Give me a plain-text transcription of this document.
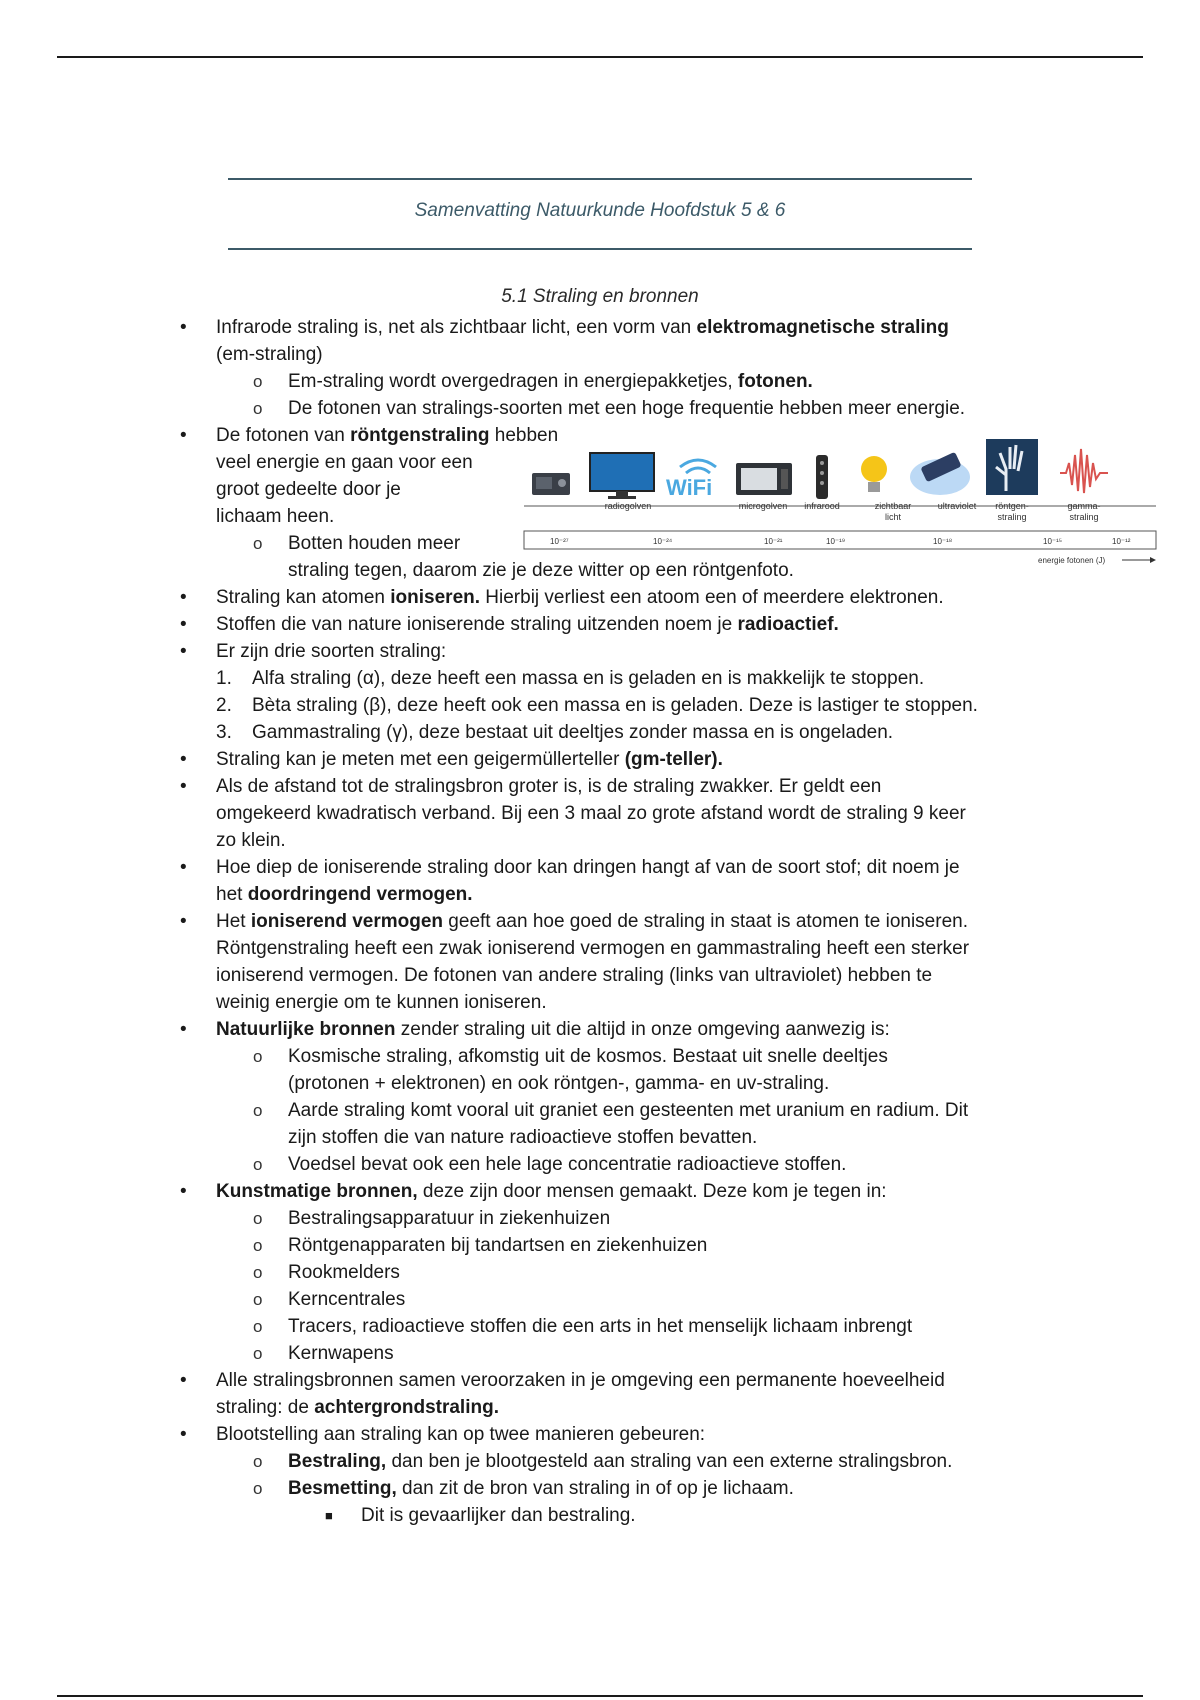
Samenvatting Natuurkunde Hoofdstuk 5 & 6
5.1 Straling en bronnen
• Infrarode straling is, net als zichtbaar licht, een vorm van elektromagnetische straling
(em-straling)
o Em-straling wordt overgedragen in energiepakketjes, fotonen.
o De fotonen van stralings-soorten met een hoge frequentie hebben meer energie.
• De fotonen van röntgenstraling hebben
veel energie en gaan voor een
groot gedeelte door je
lichaam heen.
o Botten houden meer
straling tegen, daarom zie je deze witter op een röntgenfoto.
• Straling kan atomen ioniseren. Hierbij verliest een atoom een of meerdere elektronen.
• Stoffen die van nature ioniserende straling uitzenden noem je radioactief.
• Er zijn drie soorten straling:
1. Alfa straling (α), deze heeft een massa en is geladen en is makkelijk te stoppen.
2. Bèta straling (β), deze heeft ook een massa en is geladen. Deze is lastiger te stoppen.
3. Gammastraling (γ), deze bestaat uit deeltjes zonder massa en is ongeladen.
• Straling kan je meten met een geigermüllerteller (gm-teller).
• Als de afstand tot de stralingsbron groter is, is de straling zwakker. Er geldt een
omgekeerd kwadratisch verband. Bij een 3 maal zo grote afstand wordt de straling 9 keer
zo klein.
• Hoe diep de ioniserende straling door kan dringen hangt af van de soort stof; dit noem je
het doordringend vermogen.
• Het ioniserend vermogen geeft aan hoe goed de straling in staat is atomen te ioniseren.
Röntgenstraling heeft een zwak ioniserend vermogen en gammastraling heeft een sterker
ioniserend vermogen. De fotonen van andere straling (links van ultraviolet) hebben te
weinig energie om te kunnen ioniseren.
• Natuurlijke bronnen zender straling uit die altijd in onze omgeving aanwezig is:
o Kosmische straling, afkomstig uit de kosmos. Bestaat uit snelle deeltjes
(protonen + elektronen) en ook röntgen-, gamma- en uv-straling.
o Aarde straling komt vooral uit graniet een gesteenten met uranium en radium. Dit
zijn stoffen die van nature radioactieve stoffen bevatten.
o Voedsel bevat ook een hele lage concentratie radioactieve stoffen.
• Kunstmatige bronnen, deze zijn door mensen gemaakt. Deze kom je tegen in:
o Bestralingsapparatuur in ziekenhuizen
o Röntgenapparaten bij tandartsen en ziekenhuizen
o Rookmelders
o Kerncentrales
o Tracers, radioactieve stoffen die een arts in het menselijk lichaam inbrengt
o Kernwapens
• Alle stralingsbronnen samen veroorzaken in je omgeving een permanente hoeveelheid
straling: de achtergrondstraling.
• Blootstelling aan straling kan op twee manieren gebeuren:
o Bestraling, dan ben je blootgesteld aan straling van een externe stralingsbron.
o Besmetting, dan zit de bron van straling in of op je lichaam.
■ Dit is gevaarlijker dan bestraling.
WiFi
radiogolven	microgolven infrarood	zichtbaar
licht
ultraviolet röntgen-
straling
gamma-
straling
10⁻²⁷	10⁻²⁴	10⁻²¹	10⁻¹⁹	10⁻¹⁸	10⁻¹⁵	10⁻¹²
energie fotonen (J)
